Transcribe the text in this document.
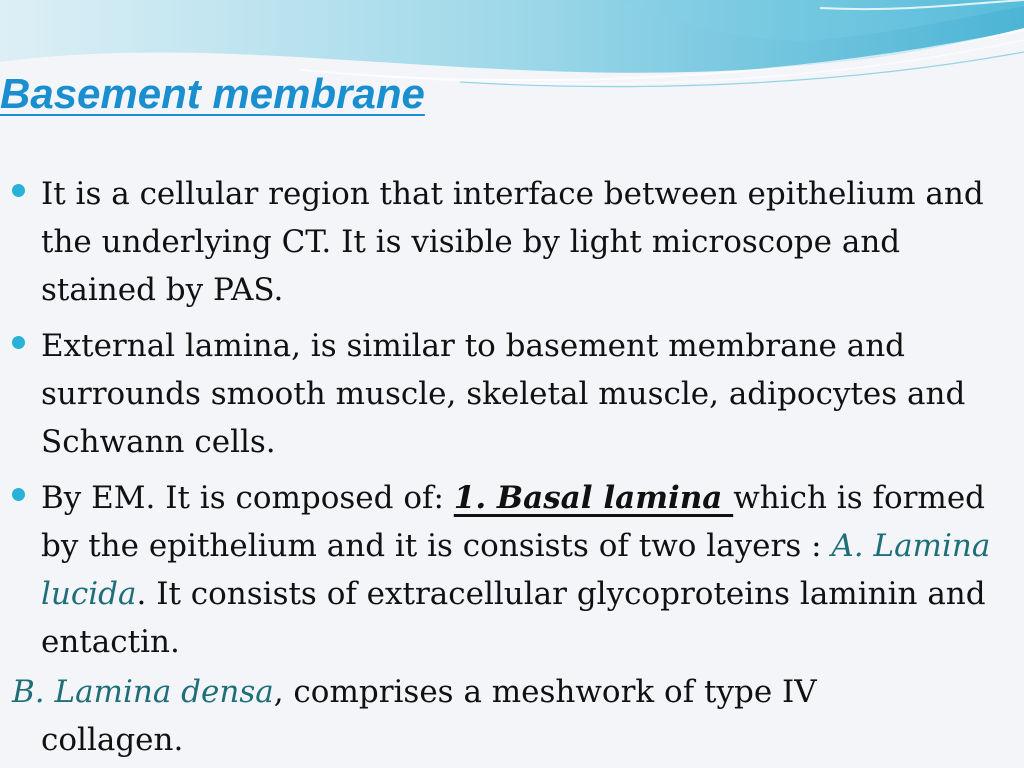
Basement membrane
It is a cellular region that interface between epithelium and the underlying CT. It is visible by light microscope and stained by PAS.
External lamina, is similar to basement membrane and surrounds smooth muscle, skeletal muscle, adipocytes and Schwann cells.
By EM. It is composed of: 1. Basal lamina which is formed by the epithelium and it is consists of two layers : A. Lamina lucida. It consists of extracellular glycoproteins laminin and entactin.
B. Lamina densa, comprises a meshwork of type IV
collagen.
